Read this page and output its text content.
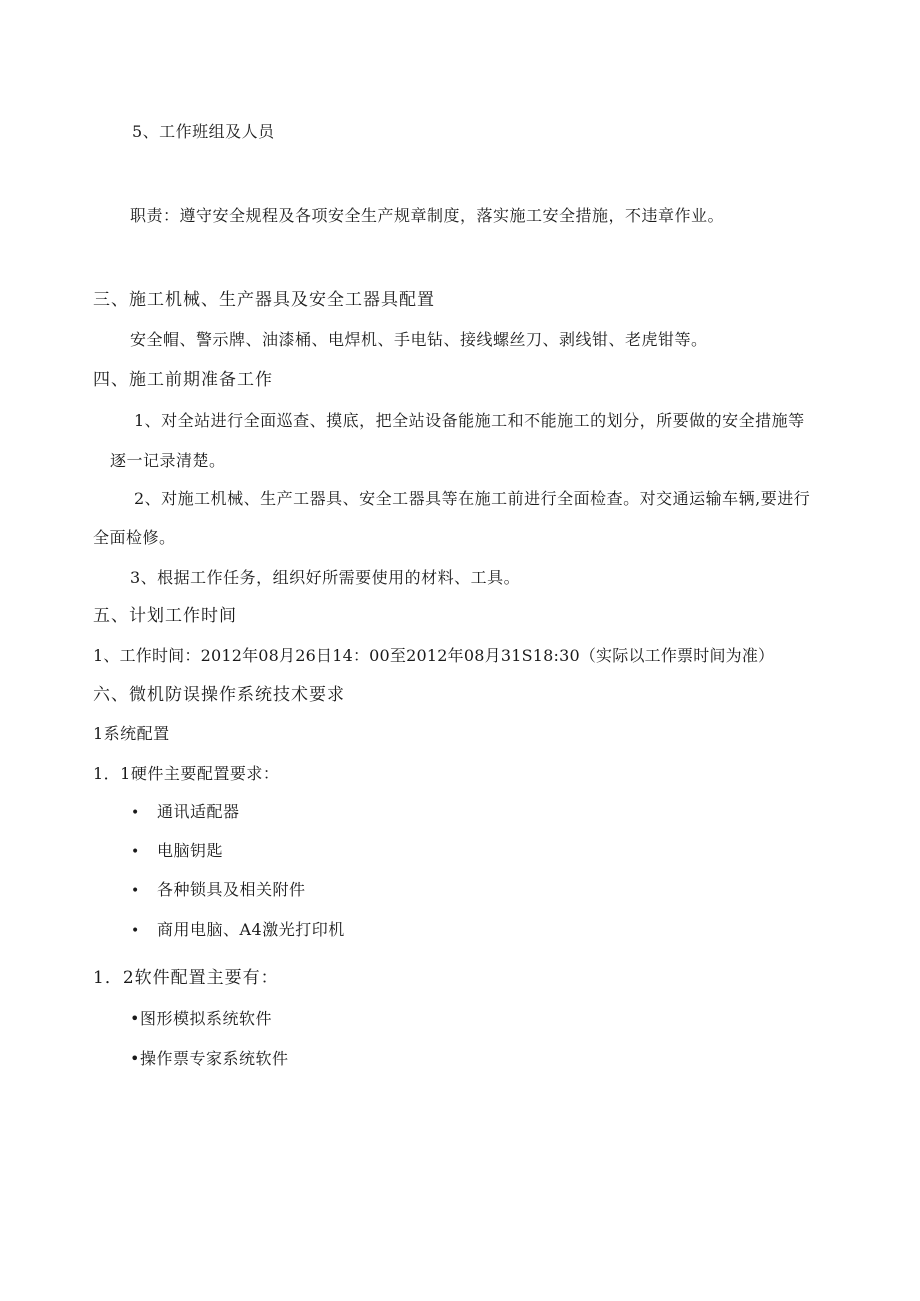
5、工作班组及人员
职责：遵守安全规程及各项安全生产规章制度，落实施工安全措施，不违章作业。
三、施工机械、生产器具及安全工器具配置
安全帽、警示牌、油漆桶、电焊机、手电钻、接线螺丝刀、剥线钳、老虎钳等。
四、施工前期准备工作
1、对全站进行全面巡查、摸底，把全站设备能施工和不能施工的划分，所要做的安全措施等
逐一记录清楚。
2、对施工机械、生产工器具、安全工器具等在施工前进行全面检查。对交通运输车辆,要进行
全面检修。
3、根据工作任务，组织好所需要使用的材料、工具。
五、计划工作时间
1、工作时间：2012年08月26日14：00至2012年08月31S18:30（实际以工作票时间为准）
六、微机防误操作系统技术要求
1系统配置
1．1硬件主要配置要求：
• 通讯适配器
• 电脑钥匙
• 各种锁具及相关附件
• 商用电脑、A4激光打印机
1．2软件配置主要有：
•图形模拟系统软件
•操作票专家系统软件
